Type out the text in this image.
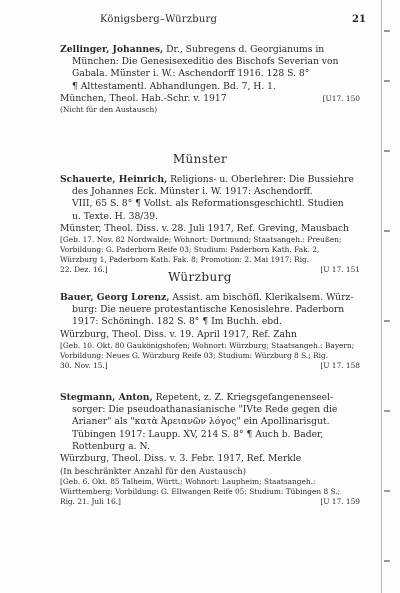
Königsberg–Würzburg	21
Zellinger, Johannes, Dr., Subregens d. Georgianums in
München: Die Genesisexeditio des Bischofs Severian von
Gabala. Münster i. W.: Aschendorff 1916. 128 S. 8°
¶ Alttestamentl. Abhandlungen. Bd. 7, H. 1.
München, Theol. Hab.-Schr. v. 1917	[U17. 150
(Nicht für den Austausch)
Münster
Schauerte, Heinrich, Religions- u. Oberlehrer: Die Bussiehre
des Johannes Eck. Münster i. W. 1917: Aschendorff.
VIII, 65 S. 8° ¶ Vollst. als Reformationsgeschichtl. Studien
u. Texte. H. 38/39.
Münster, Theol. Diss. v. 28. Juli 1917, Ref. Greving, Mausbach
[Geb. 17. Nov. 82 Nordwalde; Wohnort: Dortmund; Staatsangeh.: Preußen;
Vorbildung: G. Paderborn Reife 03; Studium: Paderborn Kath. Fak. 2,
Würzburg 1, Paderborn Kath. Fak. 8; Promotion: 2. Mai 1917; Rig.
22. Dez. 16.]	[U 17. 151
Würzburg
Bauer, Georg Lorenz, Assist. am bischöfl. Klerikalsem. Würz-
burg: Die neuere protestantische Kenosislehre. Paderborn
1917: Schöningh. 182 S. 8° ¶ Im Buchh. ebd.
Würzburg, Theol. Diss. v. 19. April 1917, Ref. Zahn
[Geb. 10. Okt. 80 Gaukönigshofen; Wohnort: Würzburg; Staatsangeh.: Bayern;
Vorbildung: Neues G. Würzburg Reife 03; Studium: Würzburg 8 S.; Rig.
30. Nov. 15.]	[U 17. 158
Stegmann, Anton, Repetent, z. Z. Kriegsgefangenenseel-
sorger: Die pseudoathanasianische "IVte Rede gegen die
Arianer" als "κατὰ Ἀρειανῶν λόγος" ein Apollinarisgut.
Tübingen 1917: Laupp. XV, 214 S. 8° ¶ Auch b. Bader,
Rottenburg a. N.
Würzburg, Theol. Diss. v. 3. Febr. 1917, Ref. Merkle
(In beschränkter Anzahl für den Austausch)
[Geb. 6. Okt. 85 Talheim, Württ.; Wohnort: Laupheim; Staatsangeh.:
Württemberg; Vorbildung: G. Ellwangen Reife 05; Studium: Tübingen 8 S.;
Rig. 21. Juli 16.]	[U 17. 159
